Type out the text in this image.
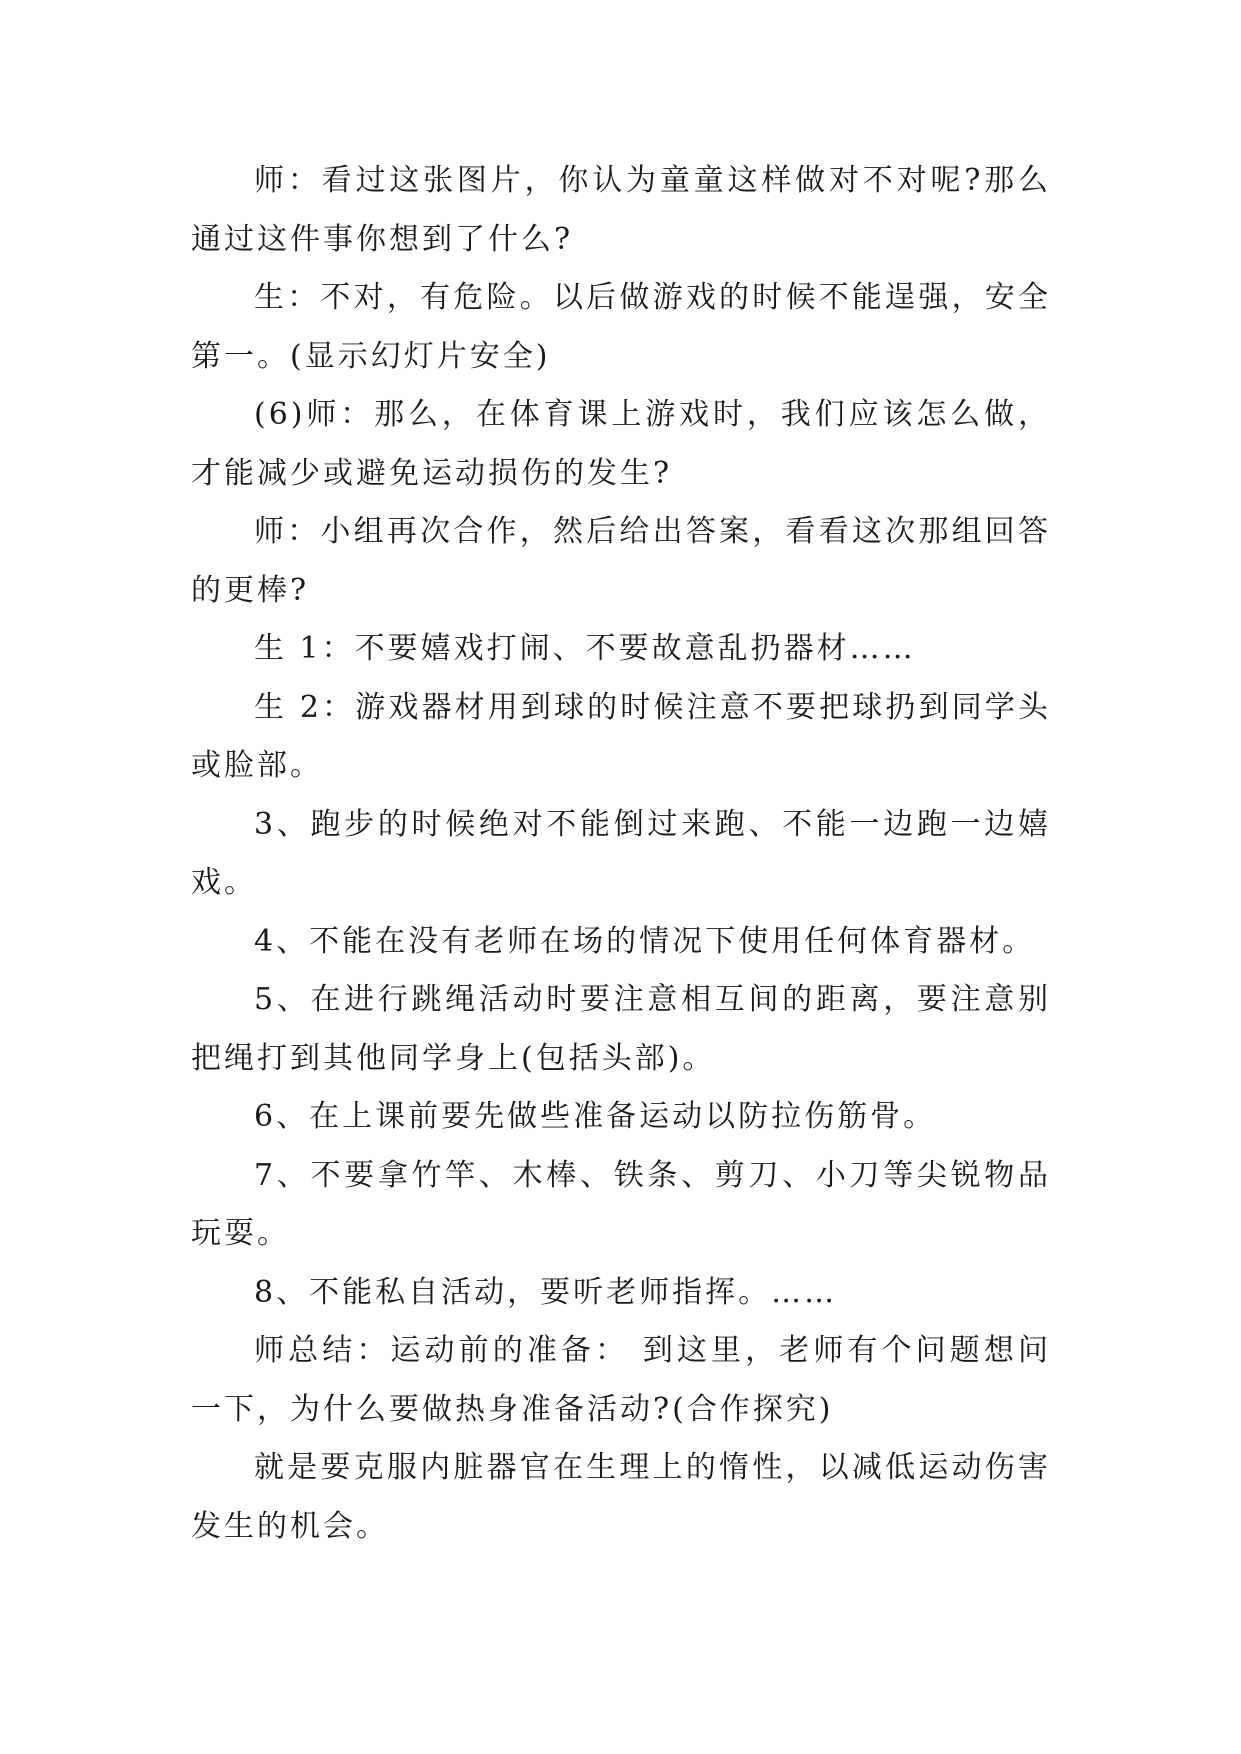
师：看过这张图片，你认为童童这样做对不对呢?那么通过这件事你想到了什么?

生：不对，有危险。以后做游戏的时候不能逞强，安全第一。(显示幻灯片安全)

(6)师：那么，在体育课上游戏时，我们应该怎么做，才能减少或避免运动损伤的发生?

师：小组再次合作，然后给出答案，看看这次那组回答的更棒?

生 1：不要嬉戏打闹、不要故意乱扔器材……

生 2：游戏器材用到球的时候注意不要把球扔到同学头或脸部。

3、跑步的时候绝对不能倒过来跑、不能一边跑一边嬉戏。

4、不能在没有老师在场的情况下使用任何体育器材。

5、在进行跳绳活动时要注意相互间的距离，要注意别把绳打到其他同学身上(包括头部)。

6、在上课前要先做些准备运动以防拉伤筋骨。

7、不要拿竹竿、木棒、铁条、剪刀、小刀等尖锐物品玩耍。

8、不能私自活动，要听老师指挥。……

师总结：运动前的准备： 到这里，老师有个问题想问一下，为什么要做热身准备活动?(合作探究)

就是要克服内脏器官在生理上的惰性，以减低运动伤害发生的机会。
